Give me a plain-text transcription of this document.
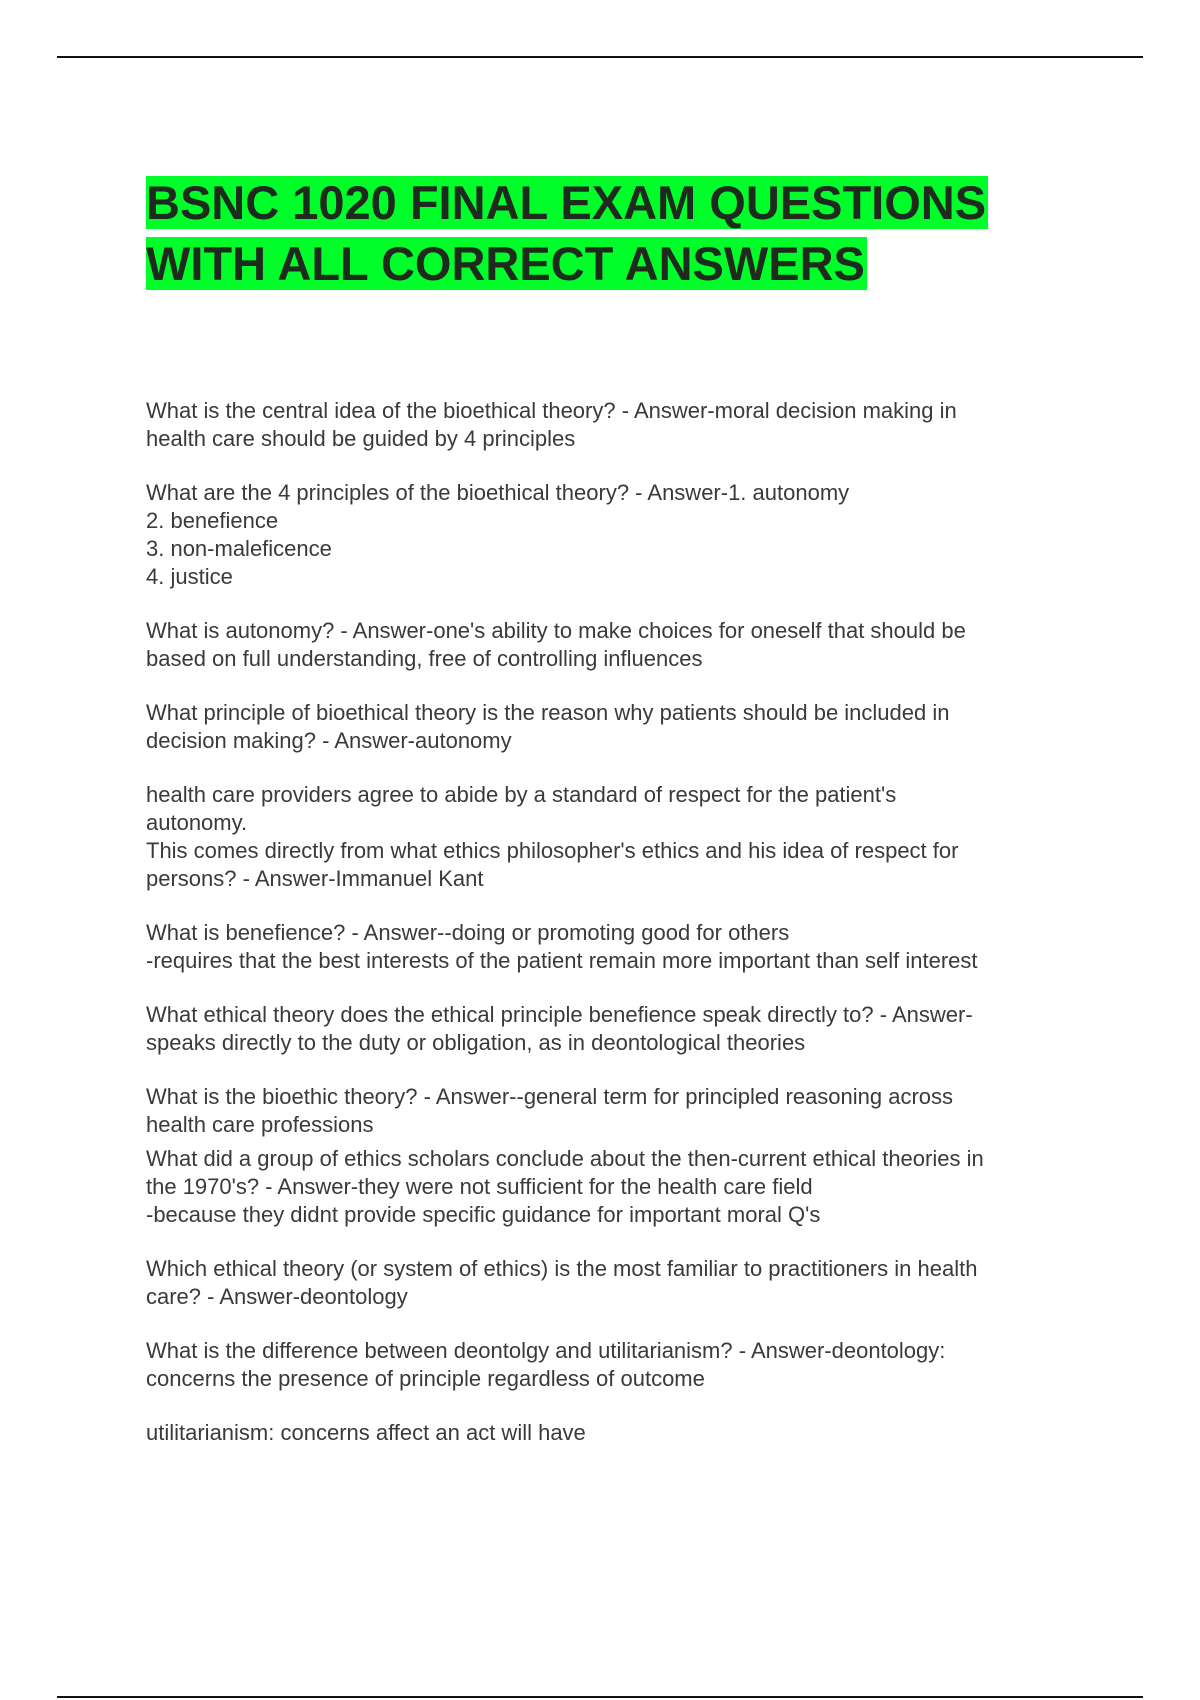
BSNC 1020 FINAL EXAM QUESTIONS
WITH ALL CORRECT ANSWERS

What is the central idea of the bioethical theory? - Answer-moral decision making in
health care should be guided by 4 principles

What are the 4 principles of the bioethical theory? - Answer-1. autonomy
2. benefience
3. non-maleficence
4. justice

What is autonomy? - Answer-one's ability to make choices for oneself that should be
based on full understanding, free of controlling influences

What principle of bioethical theory is the reason why patients should be included in
decision making? - Answer-autonomy

health care providers agree to abide by a standard of respect for the patient's
autonomy.
This comes directly from what ethics philosopher's ethics and his idea of respect for
persons? - Answer-Immanuel Kant

What is benefience? - Answer--doing or promoting good for others
-requires that the best interests of the patient remain more important than self interest

What ethical theory does the ethical principle benefience speak directly to? - Answer-
speaks directly to the duty or obligation, as in deontological theories

What is the bioethic theory? - Answer--general term for principled reasoning across
health care professions

What did a group of ethics scholars conclude about the then-current ethical theories in
the 1970's? - Answer-they were not sufficient for the health care field
-because they didnt provide specific guidance for important moral Q's

Which ethical theory (or system of ethics) is the most familiar to practitioners in health
care? - Answer-deontology

What is the difference between deontolgy and utilitarianism? - Answer-deontology:
concerns the presence of principle regardless of outcome

utilitarianism: concerns affect an act will have
